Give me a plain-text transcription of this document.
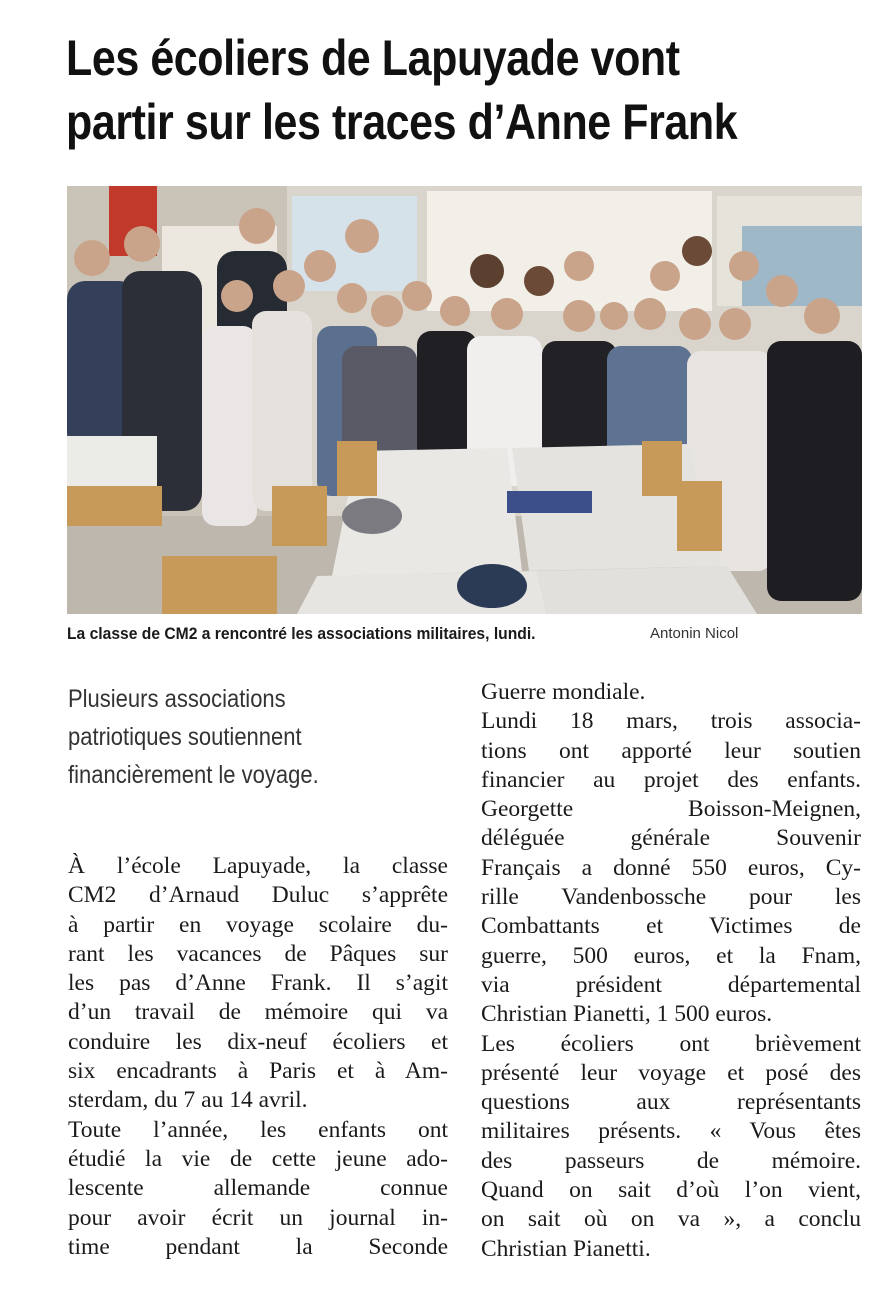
Les écoliers de Lapuyade vont
partir sur les traces d’Anne Frank
La classe de CM2 a rencontré les associations militaires, lundi.	Antonin Nicol
Plusieurs associations
patriotiques soutiennent
financièrement le voyage.
À l’école Lapuyade, la classe
CM2 d’Arnaud Duluc s’apprête
à partir en voyage scolaire du-
rant les vacances de Pâques sur
les pas d’Anne Frank. Il s’agit
d’un travail de mémoire qui va
conduire les dix-neuf écoliers et
six encadrants à Paris et à Am-
sterdam, du 7 au 14 avril.
Toute l’année, les enfants ont
étudié la vie de cette jeune ado-
lescente allemande connue
pour avoir écrit un journal in-
time pendant la Seconde
Guerre mondiale.
Lundi 18 mars, trois associa-
tions ont apporté leur soutien
financier au projet des enfants.
Georgette Boisson-Meignen,
déléguée générale Souvenir
Français a donné 550 euros, Cy-
rille Vandenbossche pour les
Combattants et Victimes de
guerre, 500 euros, et la Fnam,
via président départemental
Christian Pianetti, 1 500 euros.
Les écoliers ont brièvement
présenté leur voyage et posé des
questions aux représentants
militaires présents. « Vous êtes
des passeurs de mémoire.
Quand on sait d’où l’on vient,
on sait où on va », a conclu
Christian Pianetti.
